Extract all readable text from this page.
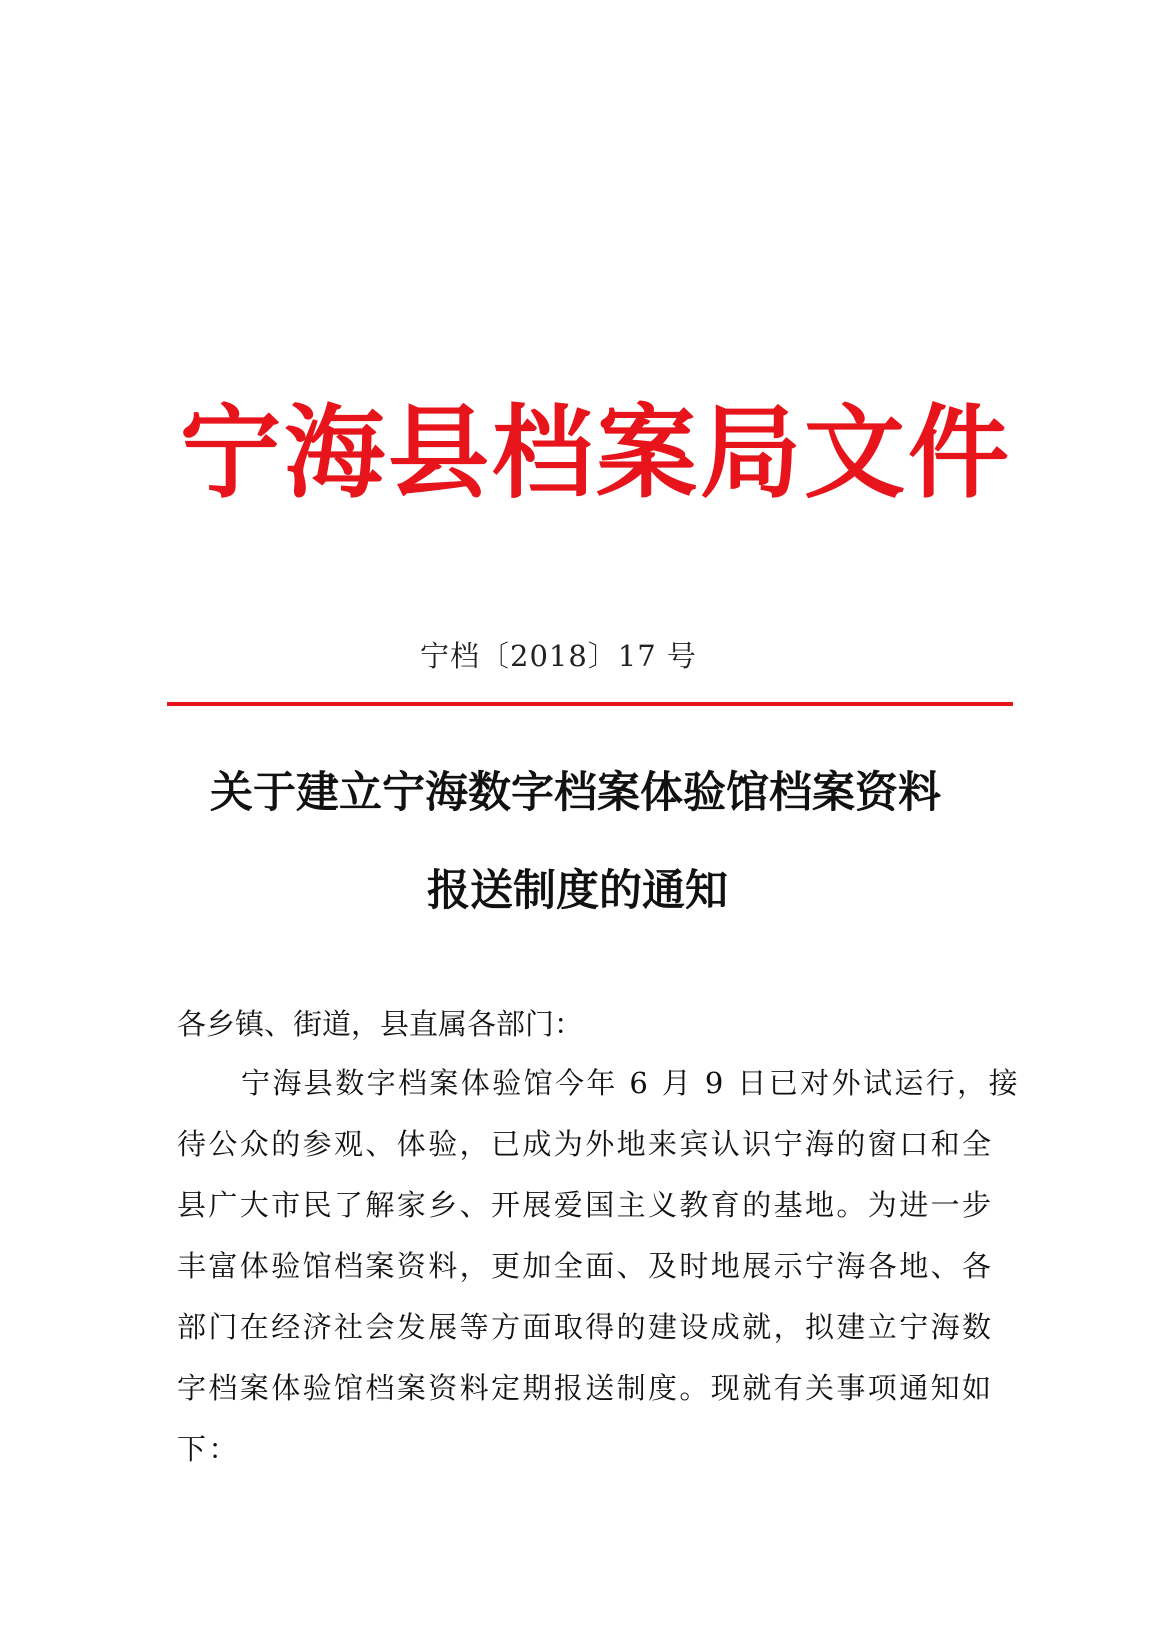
宁海县档案局文件
宁档〔2018〕17 号
关于建立宁海数字档案体验馆档案资料
报送制度的通知
各乡镇、街道，县直属各部门：
宁海县数字档案体验馆今年 6 月 9 日已对外试运行，接
待公众的参观、体验，已成为外地来宾认识宁海的窗口和全
县广大市民了解家乡、开展爱国主义教育的基地。为进一步
丰富体验馆档案资料，更加全面、及时地展示宁海各地、各
部门在经济社会发展等方面取得的建设成就，拟建立宁海数
字档案体验馆档案资料定期报送制度。现就有关事项通知如
下：
